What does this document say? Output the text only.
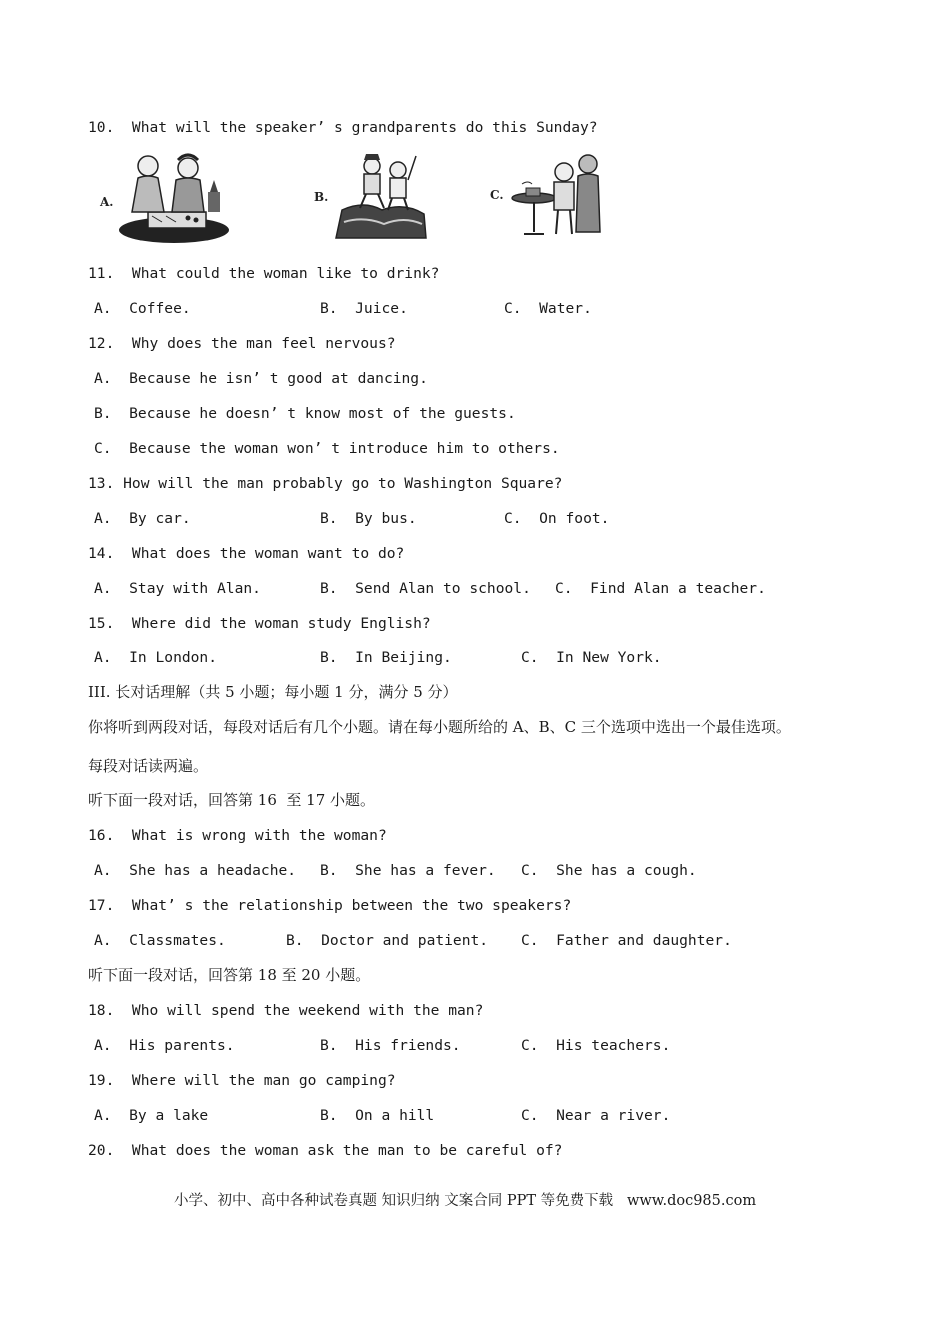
10.  What will the speaker’ s grandparents do this Sunday?
A.	B.	C.
11.  What could the woman like to drink?
A.  Coffee.	B.  Juice.	C.  Water.
12.  Why does the man feel nervous?
A.  Because he isn’ t good at dancing.
B.  Because he doesn’ t know most of the guests.
C.  Because the woman won’ t introduce him to others.
13. How will the man probably go to Washington Square?
A.  By car.	B.  By bus.	C.  On foot.
14.  What does the woman want to do?
A.  Stay with Alan.	B.  Send Alan to school. C.  Find Alan a teacher.
15.  Where did the woman study English?
A.  In London.	B.  In Beijing.	C.  In New York.
III. 长对话理解（共 5 小题；每小题 1 分，满分 5 分）
你将听到两段对话，每段对话后有几个小题。请在每小题所给的 A、B、C 三个选项中选出一个最佳选项。
每段对话读两遍。
听下面一段对话，回答第 16  至 17 小题。
16.  What is wrong with the woman?
A.  She has a headache. B.  She has a fever. C.  She has a cough.
17.  What’ s the relationship between the two speakers?
A.  Classmates.	B.  Doctor and patient. C.  Father and daughter.
听下面一段对话，回答第 18 至 20 小题。
18.  Who will spend the weekend with the man?
A.  His parents.	B.  His friends.	C.  His teachers.
19.  Where will the man go camping?
A.  By a lake	B.  On a hill	C.  Near a river.
20.  What does the woman ask the man to be careful of?
小学、初中、高中各种试卷真题 知识归纳 文案合同 PPT 等免费下载   www.doc985.com
